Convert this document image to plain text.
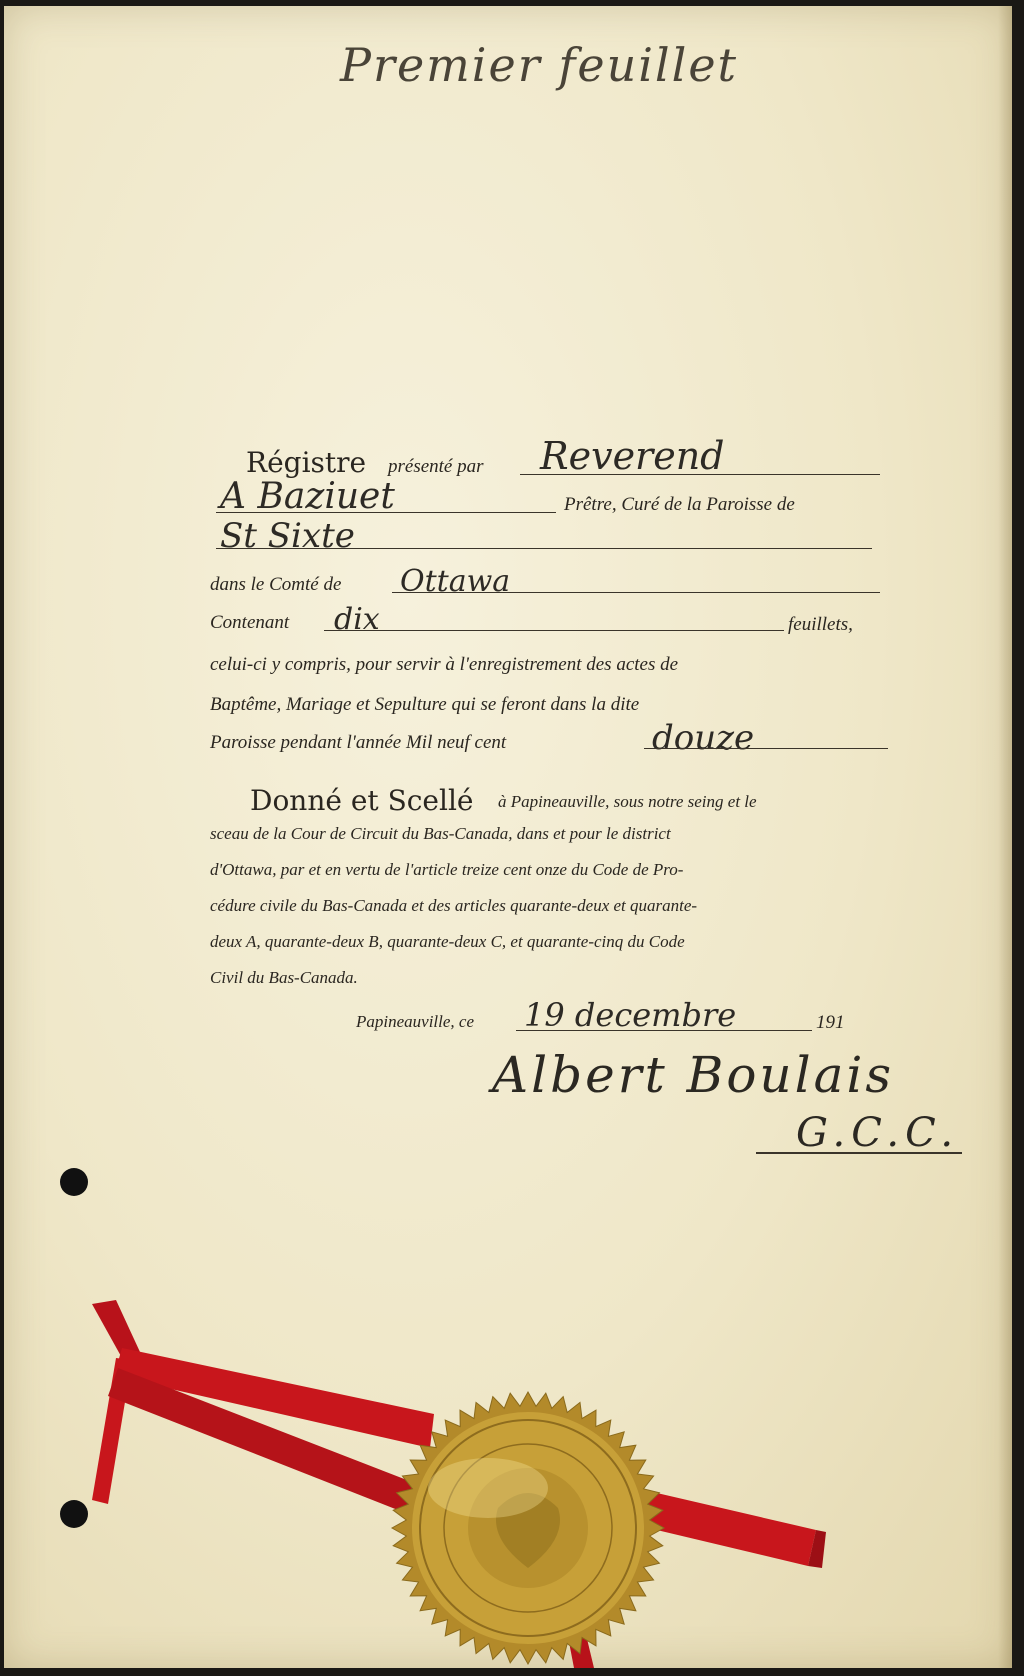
Premier feuillet
Régistre présenté par Reverend
A Baziuet	Prêtre, Curé de la Paroisse de
St Sixte
dans le Comté de Ottawa
Contenant dix	feuillets,
celui-ci y compris, pour servir à l'enregistrement des actes de
Baptême, Mariage et Sepulture qui se feront dans la dite
Paroisse pendant l'année Mil neuf cent	douze
Donné et Scellé à Papineauville, sous notre seing et le
sceau de la Cour de Circuit du Bas-Canada, dans et pour le district
d'Ottawa, par et en vertu de l'article treize cent onze du Code de Pro-
cédure civile du Bas-Canada et des articles quarante-deux et quarante-
deux A, quarante-deux B, quarante-deux C, et quarante-cinq du Code
Civil du Bas-Canada.
Papineauville, ce 19 decembre	191
Albert Boulais
G.C.C.
